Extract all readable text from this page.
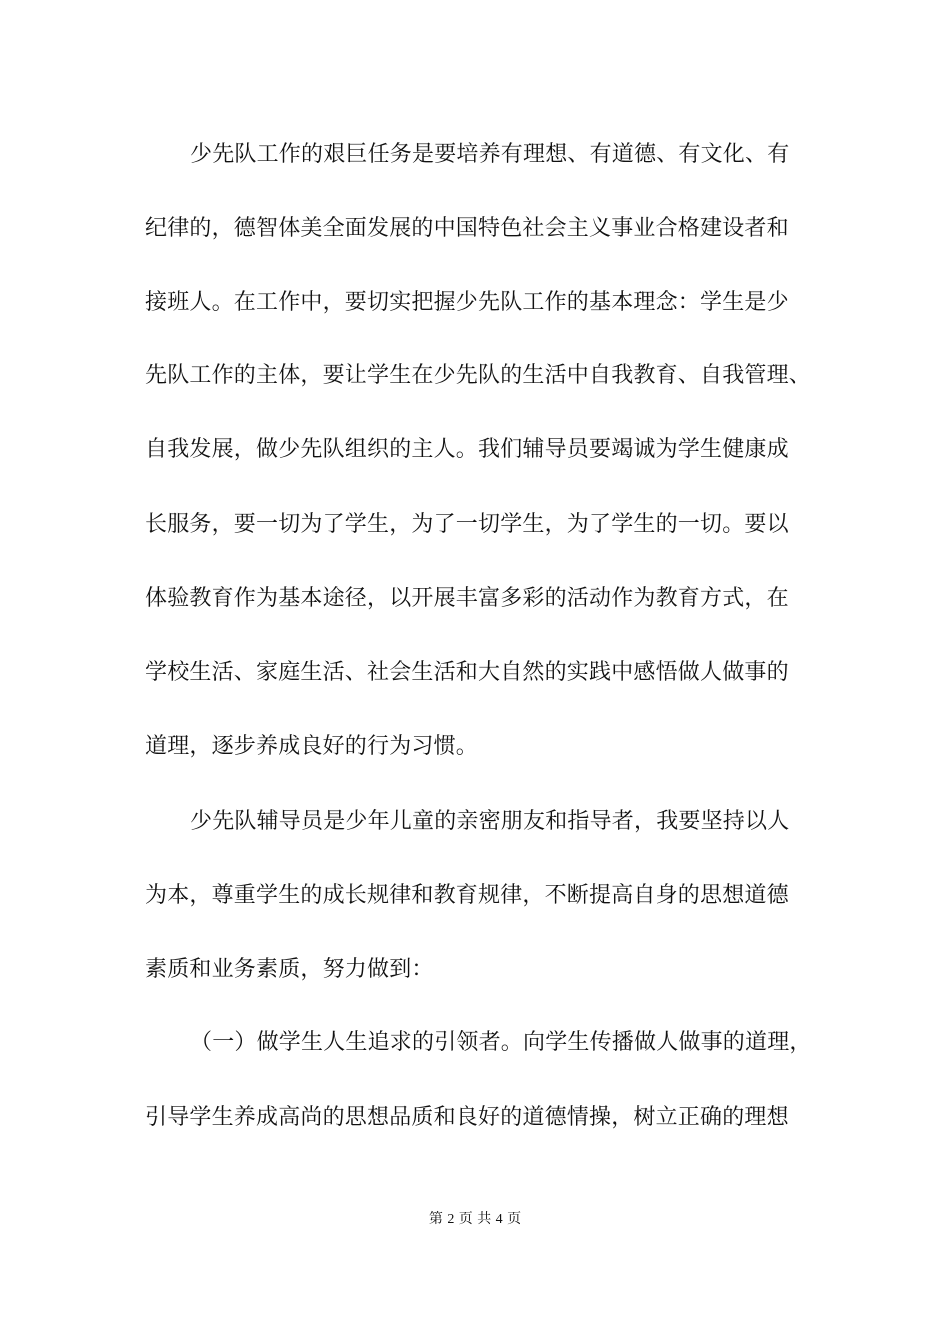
少先队工作的艰巨任务是要培养有理想、有道德、有文化、有
纪律的，德智体美全面发展的中国特色社会主义事业合格建设者和
接班人。在工作中，要切实把握少先队工作的基本理念：学生是少
先队工作的主体，要让学生在少先队的生活中自我教育、自我管理、
自我发展，做少先队组织的主人。我们辅导员要竭诚为学生健康成
长服务，要一切为了学生，为了一切学生，为了学生的一切。要以
体验教育作为基本途径，以开展丰富多彩的活动作为教育方式，在
学校生活、家庭生活、社会生活和大自然的实践中感悟做人做事的
道理，逐步养成良好的行为习惯。
少先队辅导员是少年儿童的亲密朋友和指导者，我要坚持以人
为本，尊重学生的成长规律和教育规律，不断提高自身的思想道德
素质和业务素质，努力做到：
（一）做学生人生追求的引领者。向学生传播做人做事的道理，
引导学生养成高尚的思想品质和良好的道德情操，树立正确的理想
第 2 页 共 4 页
